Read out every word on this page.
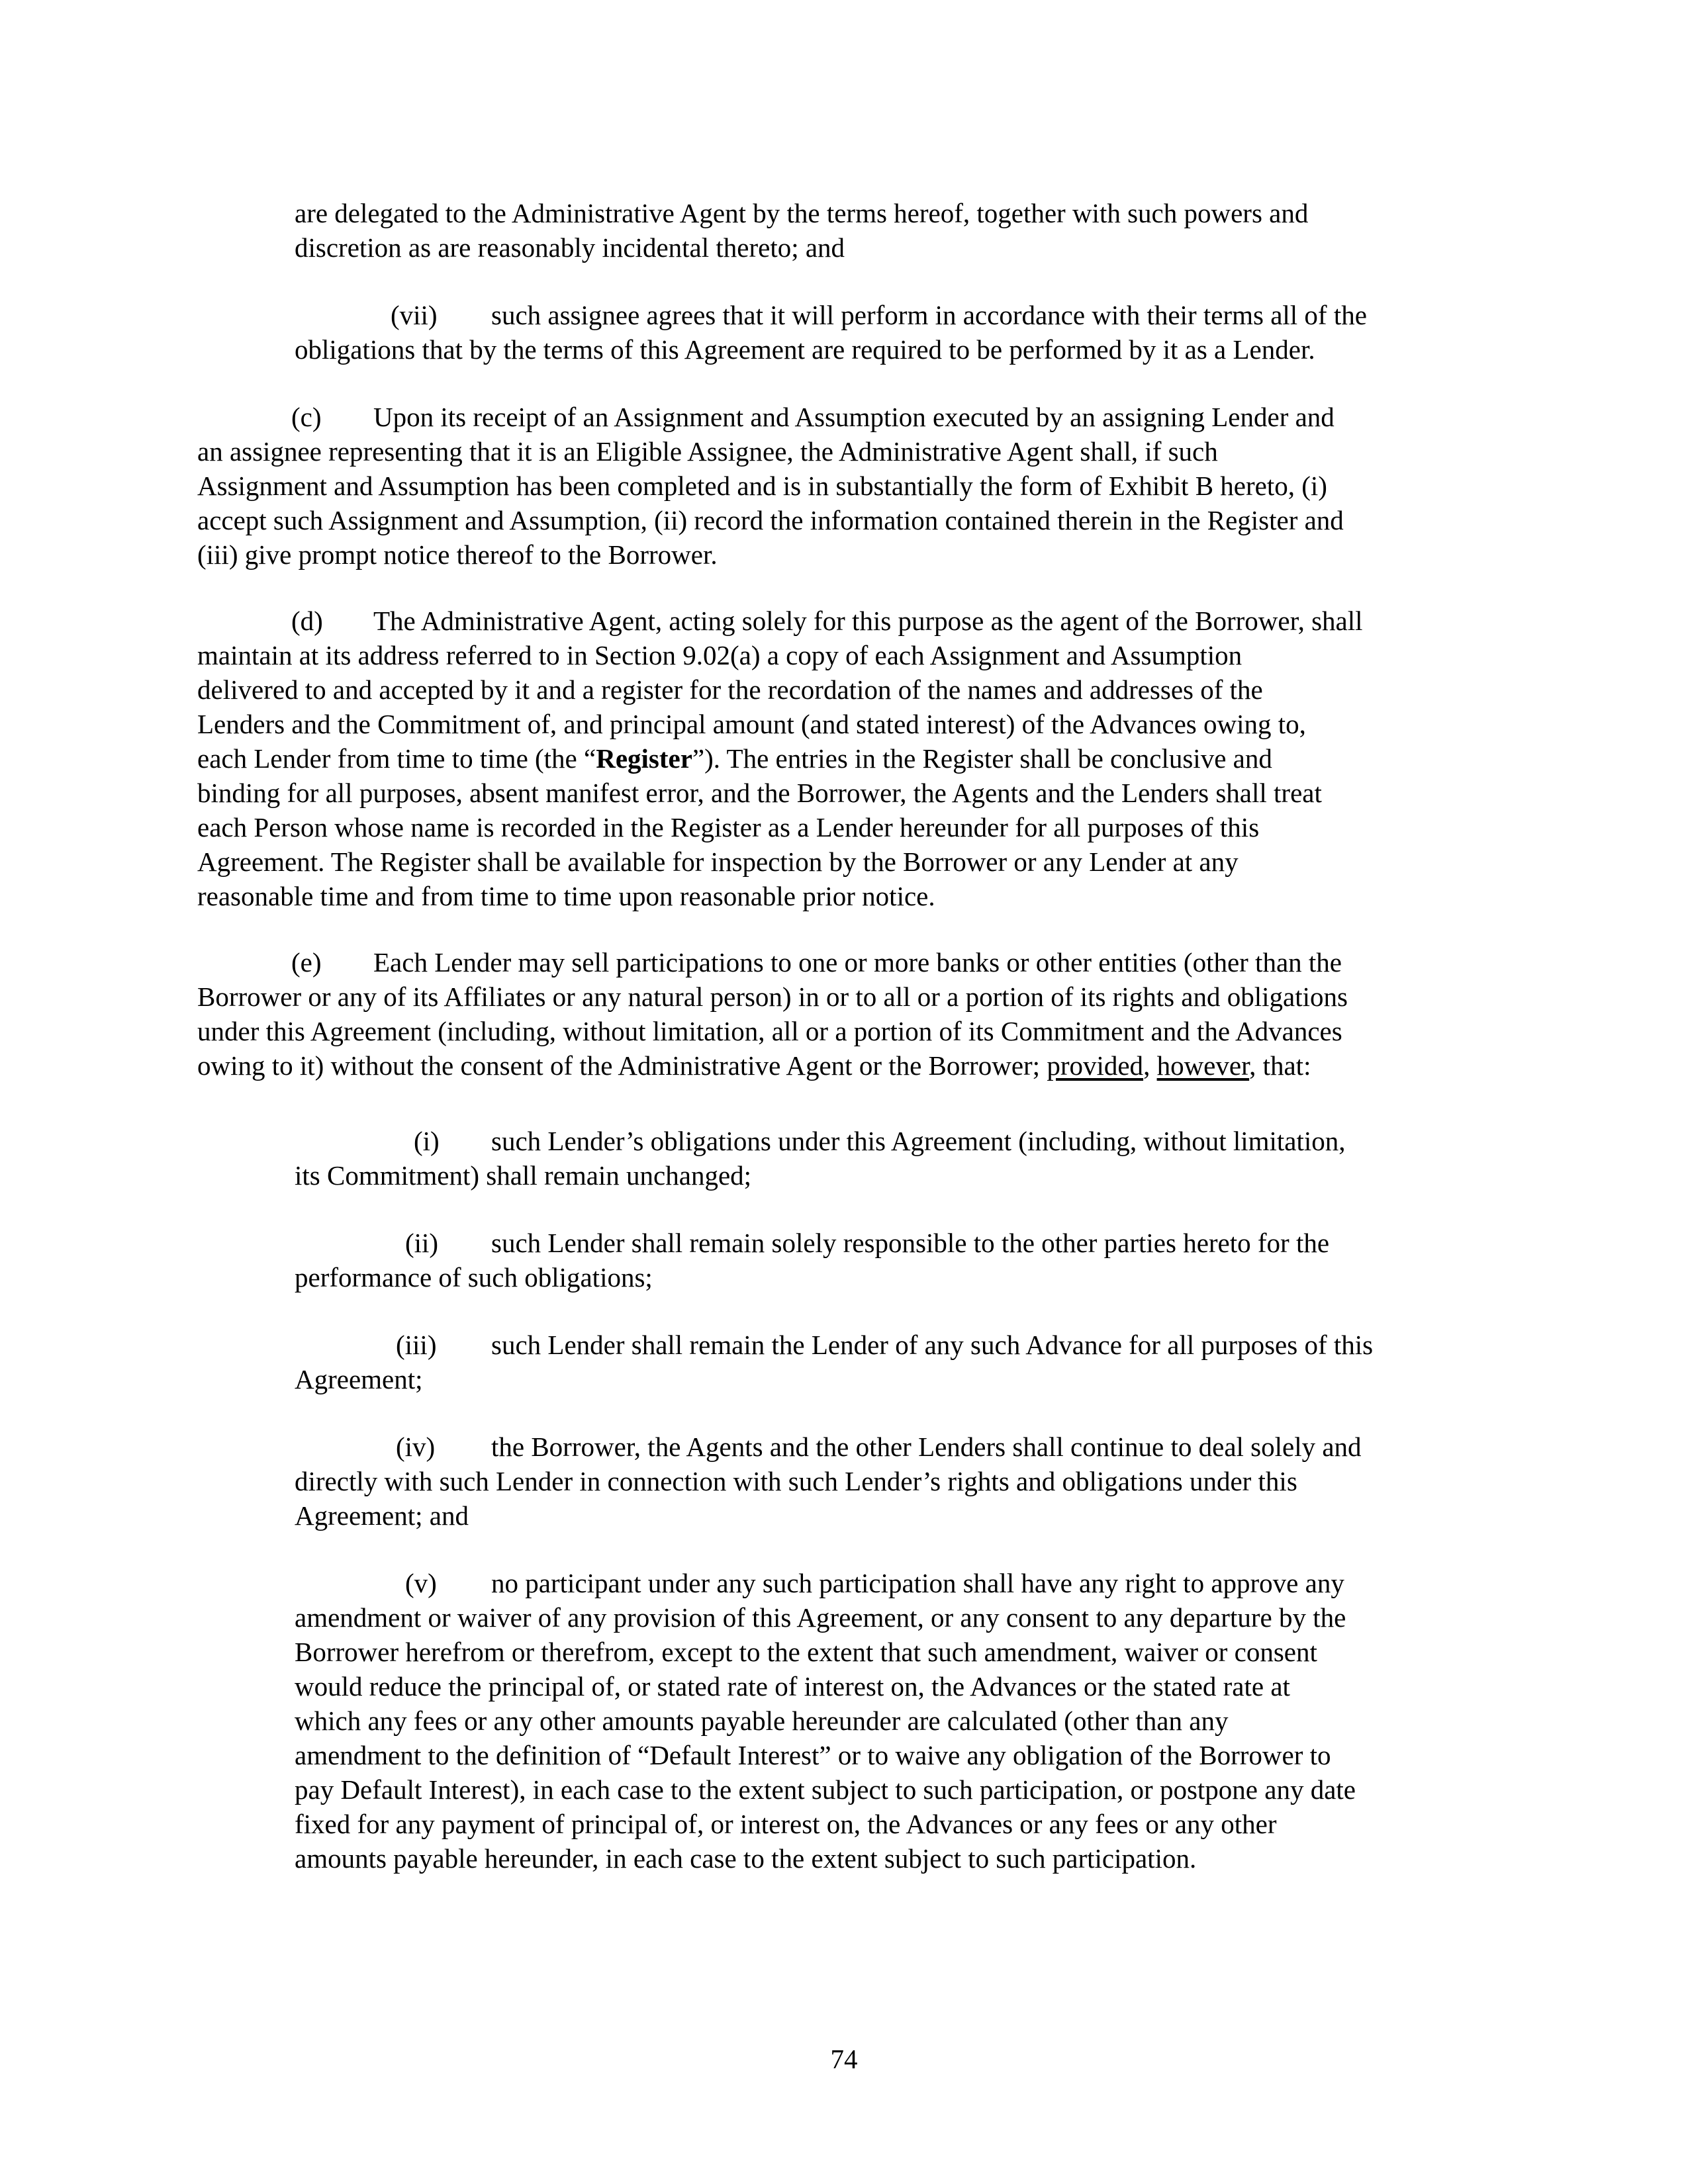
are delegated to the Administrative Agent by the terms hereof, together with such powers and
discretion as are reasonably incidental thereto; and
(vii) such assignee agrees that it will perform in accordance with their terms all of the
obligations that by the terms of this Agreement are required to be performed by it as a Lender.
(c) Upon its receipt of an Assignment and Assumption executed by an assigning Lender and
an assignee representing that it is an Eligible Assignee, the Administrative Agent shall, if such
Assignment and Assumption has been completed and is in substantially the form of Exhibit B hereto, (i)
accept such Assignment and Assumption, (ii) record the information contained therein in the Register and
(iii) give prompt notice thereof to the Borrower.
(d) The Administrative Agent, acting solely for this purpose as the agent of the Borrower, shall
maintain at its address referred to in Section 9.02(a) a copy of each Assignment and Assumption
delivered to and accepted by it and a register for the recordation of the names and addresses of the
Lenders and the Commitment of, and principal amount (and stated interest) of the Advances owing to,
each Lender from time to time (the “Register”). The entries in the Register shall be conclusive and
binding for all purposes, absent manifest error, and the Borrower, the Agents and the Lenders shall treat
each Person whose name is recorded in the Register as a Lender hereunder for all purposes of this
Agreement. The Register shall be available for inspection by the Borrower or any Lender at any
reasonable time and from time to time upon reasonable prior notice.
(e) Each Lender may sell participations to one or more banks or other entities (other than the
Borrower or any of its Affiliates or any natural person) in or to all or a portion of its rights and obligations
under this Agreement (including, without limitation, all or a portion of its Commitment and the Advances
owing to it) without the consent of the Administrative Agent or the Borrower; provided, however, that:
(i) such Lender’s obligations under this Agreement (including, without limitation,
its Commitment) shall remain unchanged;
(ii) such Lender shall remain solely responsible to the other parties hereto for the
performance of such obligations;
(iii) such Lender shall remain the Lender of any such Advance for all purposes of this
Agreement;
(iv) the Borrower, the Agents and the other Lenders shall continue to deal solely and
directly with such Lender in connection with such Lender’s rights and obligations under this
Agreement; and
(v) no participant under any such participation shall have any right to approve any
amendment or waiver of any provision of this Agreement, or any consent to any departure by the
Borrower herefrom or therefrom, except to the extent that such amendment, waiver or consent
would reduce the principal of, or stated rate of interest on, the Advances or the stated rate at
which any fees or any other amounts payable hereunder are calculated (other than any
amendment to the definition of “Default Interest” or to waive any obligation of the Borrower to
pay Default Interest), in each case to the extent subject to such participation, or postpone any date
fixed for any payment of principal of, or interest on, the Advances or any fees or any other
amounts payable hereunder, in each case to the extent subject to such participation.
74
